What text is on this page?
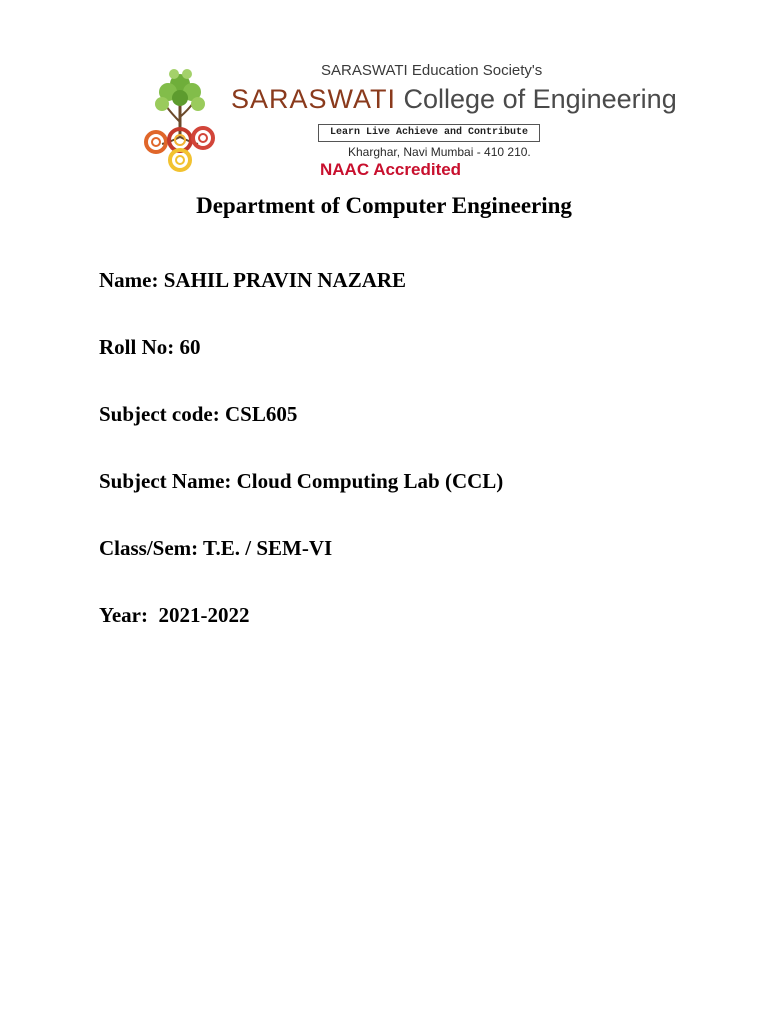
SARASWATI Education Society's
SARASWATI College of Engineering
Learn Live Achieve and Contribute
Kharghar, Navi Mumbai - 410 210.
NAAC Accredited
Department of Computer Engineering
Name: SAHIL PRAVIN NAZARE
Roll No: 60
Subject code: CSL605
Subject Name: Cloud Computing Lab (CCL)
Class/Sem: T.E. / SEM-VI
Year:  2021-2022
